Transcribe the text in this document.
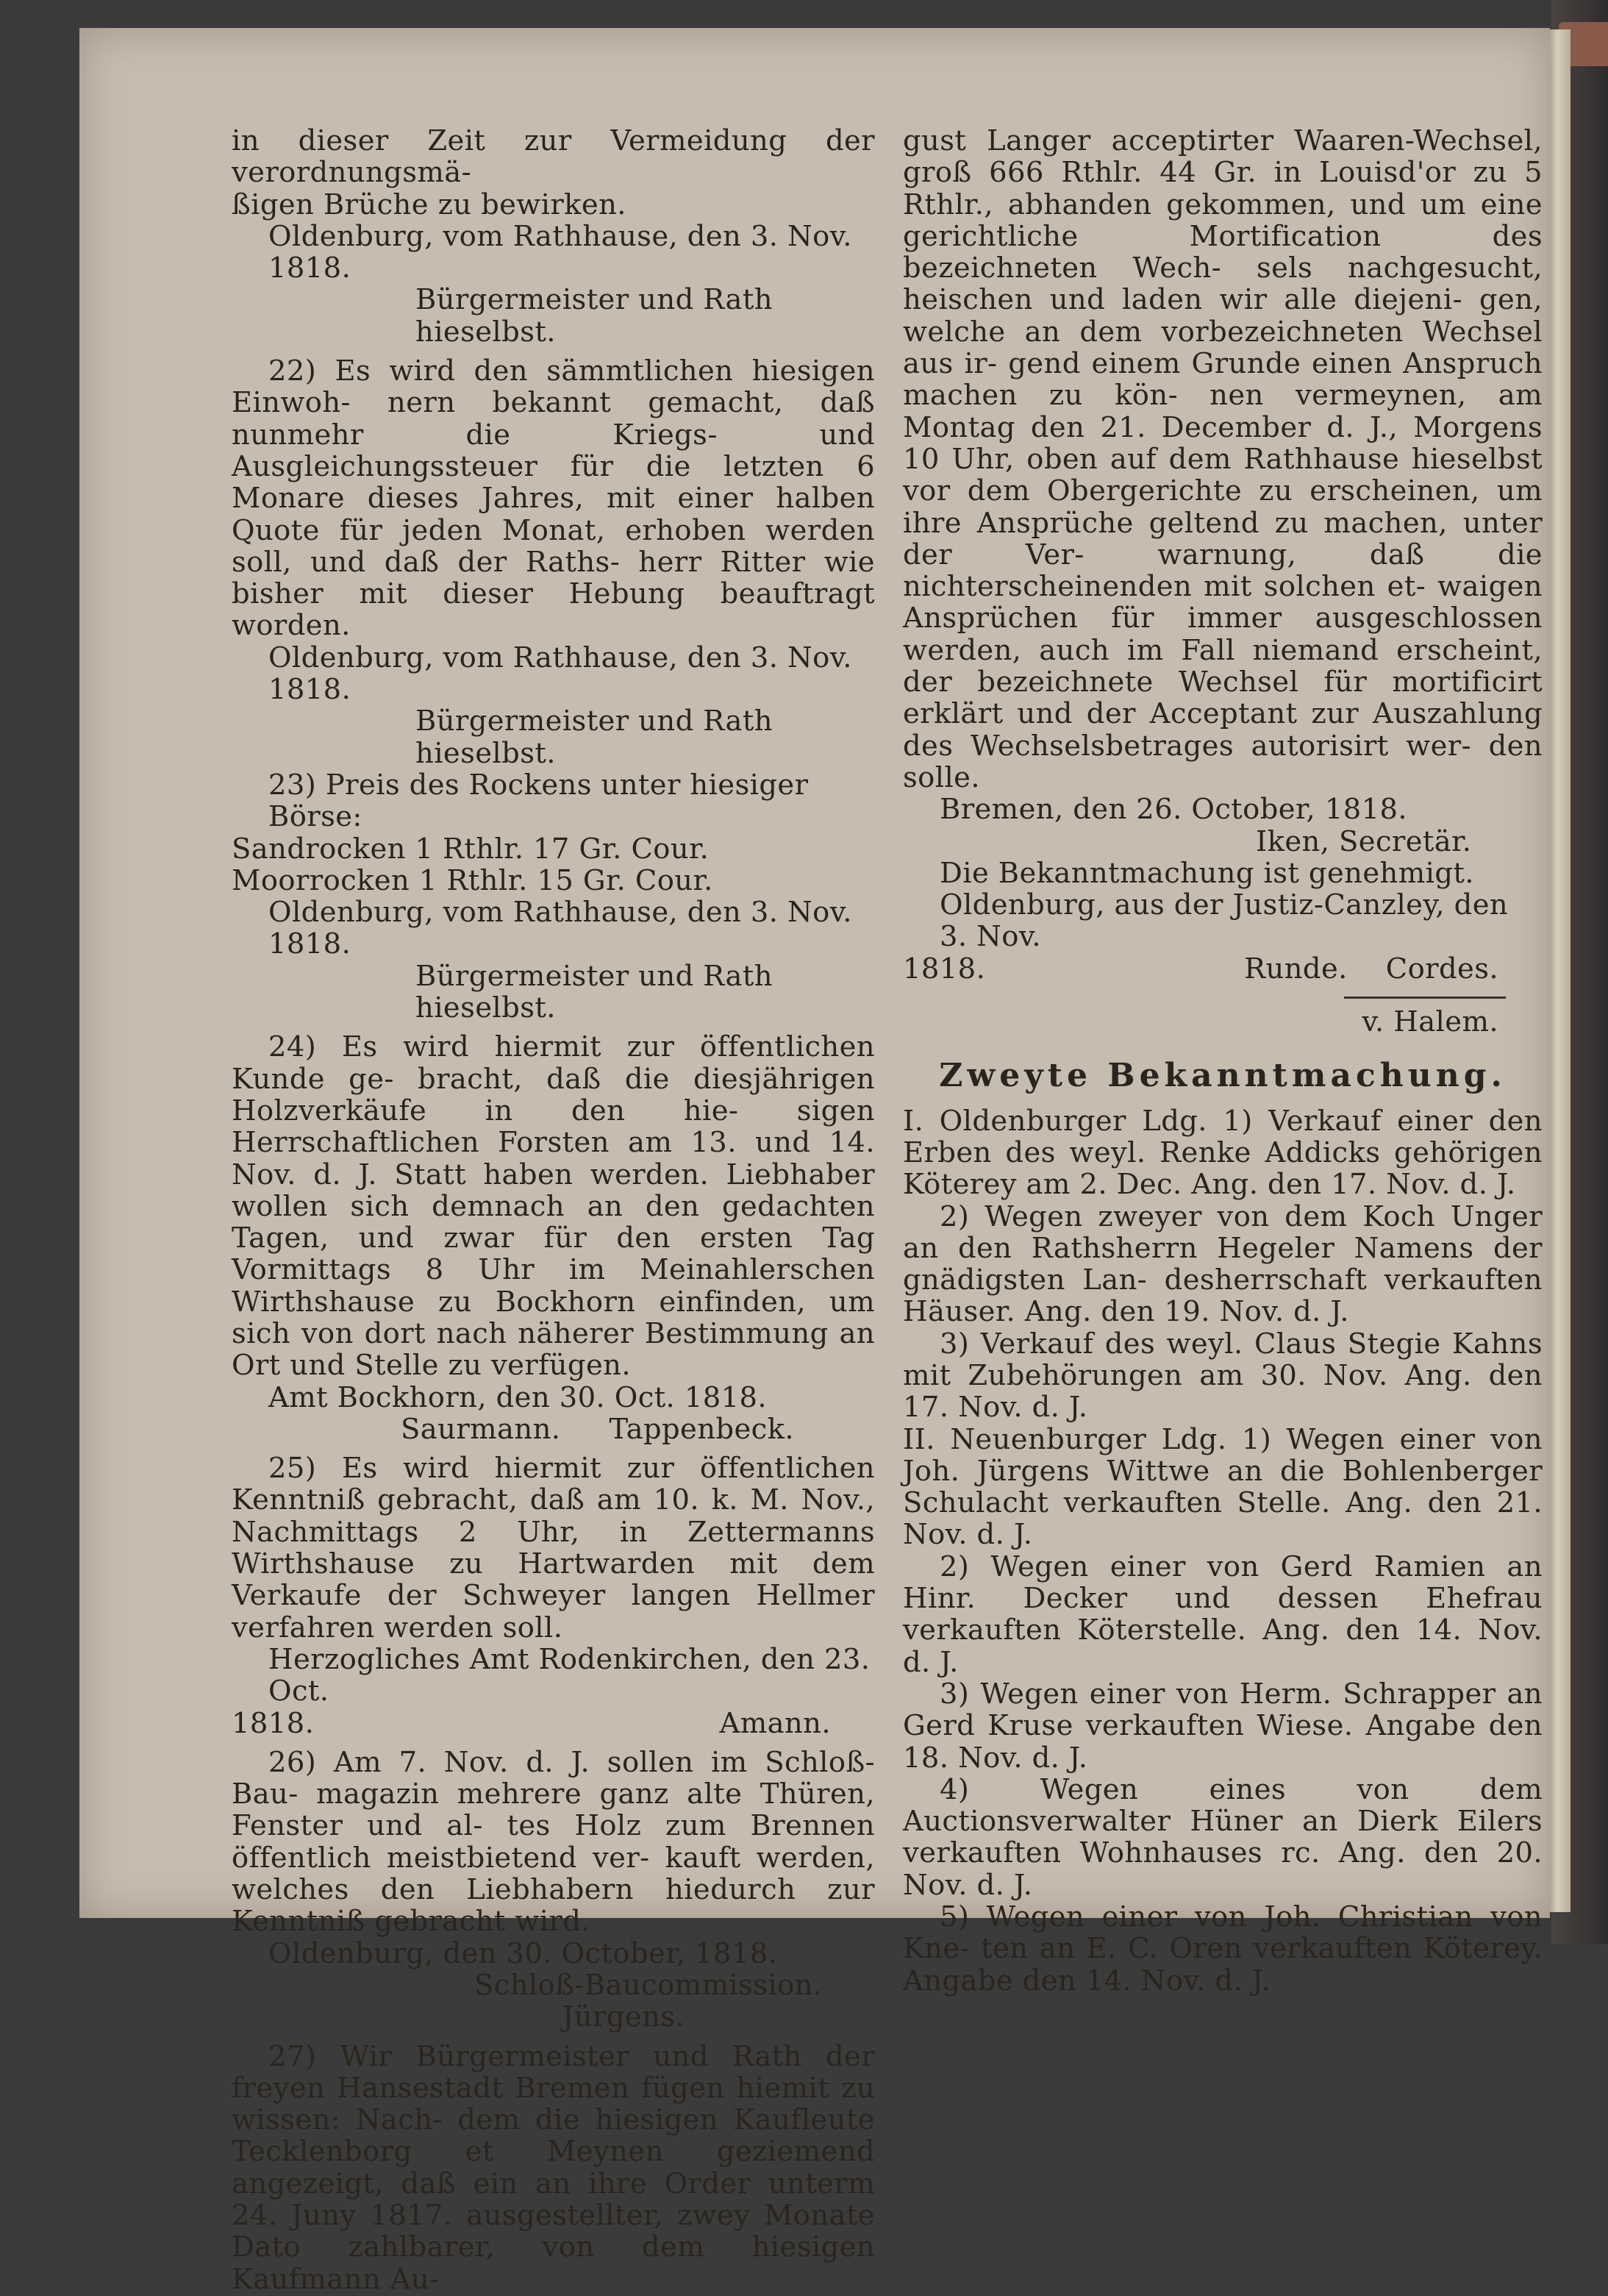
in dieser Zeit zur Vermeidung der verordnungsmä-

ßigen Brüche zu bewirken.

Oldenburg, vom Rathhause, den 3. Nov. 1818.

Bürgermeister und Rath hieselbst.

22) Es wird den sämmtlichen hiesigen Einwoh- nern bekannt gemacht, daß nunmehr die Kriegs- und Ausgleichungssteuer für die letzten 6 Monare dieses Jahres, mit einer halben Quote für jeden Monat, erhoben werden soll, und daß der Raths- herr Ritter wie bisher mit dieser Hebung beauftragt worden.

Oldenburg, vom Rathhause, den 3. Nov. 1818.

Bürgermeister und Rath hieselbst.

23) Preis des Rockens unter hiesiger Börse:

Sandrocken 1 Rthlr. 17 Gr. Cour.

Moorrocken 1 Rthlr. 15 Gr. Cour.

Oldenburg, vom Rathhause, den 3. Nov. 1818.

Bürgermeister und Rath hieselbst.

24) Es wird hiermit zur öffentlichen Kunde ge- bracht, daß die diesjährigen Holzverkäufe in den hie- sigen Herrschaftlichen Forsten am 13. und 14. Nov. d. J. Statt haben werden. Liebhaber wollen sich demnach an den gedachten Tagen, und zwar für den ersten Tag Vormittags 8 Uhr im Meinahlerschen Wirthshause zu Bockhorn einfinden, um sich von dort nach näherer Bestimmung an Ort und Stelle zu verfügen.

Amt Bockhorn, den 30. Oct. 1818.

Saurmann. Tappenbeck.

25) Es wird hiermit zur öffentlichen Kenntniß gebracht, daß am 10. k. M. Nov., Nachmittags 2 Uhr, in Zettermanns Wirthshause zu Hartwarden mit dem Verkaufe der Schweyer langen Hellmer verfahren werden soll.

Herzogliches Amt Rodenkirchen, den 23. Oct.

1818.	Amann.

26) Am 7. Nov. d. J. sollen im Schloß-Bau- magazin mehrere ganz alte Thüren, Fenster und al- tes Holz zum Brennen öffentlich meistbietend ver- kauft werden, welches den Liebhabern hiedurch zur Kenntniß gebracht wird.

Oldenburg, den 30. October, 1818.

Schloß-Baucommission.

Jürgens.

27) Wir Bürgermeister und Rath der freyen Hansestadt Bremen fügen hiemit zu wissen: Nach- dem die hiesigen Kaufleute Tecklenborg et Meynen geziemend angezeigt, daß ein an ihre Order unterm 24. Juny 1817. ausgestellter, zwey Monate Dato zahlbarer, von dem hiesigen Kaufmann Au-

gust Langer acceptirter Waaren-Wechsel, groß 666 Rthlr. 44 Gr. in Louisd'or zu 5 Rthlr., abhanden gekommen, und um eine gerichtliche Mortification des bezeichneten Wech- sels nachgesucht, heischen und laden wir alle diejeni- gen, welche an dem vorbezeichneten Wechsel aus ir- gend einem Grunde einen Anspruch machen zu kön- nen vermeynen, am Montag den 21. December d. J., Morgens 10 Uhr, oben auf dem Rathhause hieselbst vor dem Obergerichte zu erscheinen, um ihre Ansprüche geltend zu machen, unter der Ver- warnung, daß die nichterscheinenden mit solchen et- waigen Ansprüchen für immer ausgeschlossen werden, auch im Fall niemand erscheint, der bezeichnete Wechsel für mortificirt erklärt und der Acceptant zur Auszahlung des Wechselsbetrages autorisirt wer- den solle.

Bremen, den 26. October, 1818.

Iken, Secretär.

Die Bekanntmachung ist genehmigt.

Oldenburg, aus der Justiz-Canzley, den 3. Nov.

1818.	Runde. Cordes.

v. Halem.

Zweyte Bekanntmachung.

I. Oldenburger Ldg. 1) Verkauf einer den Erben des weyl. Renke Addicks gehörigen Köterey am 2. Dec. Ang. den 17. Nov. d. J.

2) Wegen zweyer von dem Koch Unger an den Rathsherrn Hegeler Namens der gnädigsten Lan- desherrschaft verkauften Häuser. Ang. den 19. Nov. d. J.

3) Verkauf des weyl. Claus Stegie Kahns mit Zubehörungen am 30. Nov. Ang. den 17. Nov. d. J.

II. Neuenburger Ldg. 1) Wegen einer von Joh. Jürgens Wittwe an die Bohlenberger Schulacht verkauften Stelle. Ang. den 21. Nov. d. J.

2) Wegen einer von Gerd Ramien an Hinr. Decker und dessen Ehefrau verkauften Köterstelle. Ang. den 14. Nov. d. J.

3) Wegen einer von Herm. Schrapper an Gerd Kruse verkauften Wiese. Angabe den 18. Nov. d. J.

4) Wegen eines von dem Auctionsverwalter Hüner an Dierk Eilers verkauften Wohnhauses rc. Ang. den 20. Nov. d. J.

5) Wegen einer von Joh. Christian von Kne- ten an E. C. Oren verkauften Köterey. Angabe den 14. Nov. d. J.
